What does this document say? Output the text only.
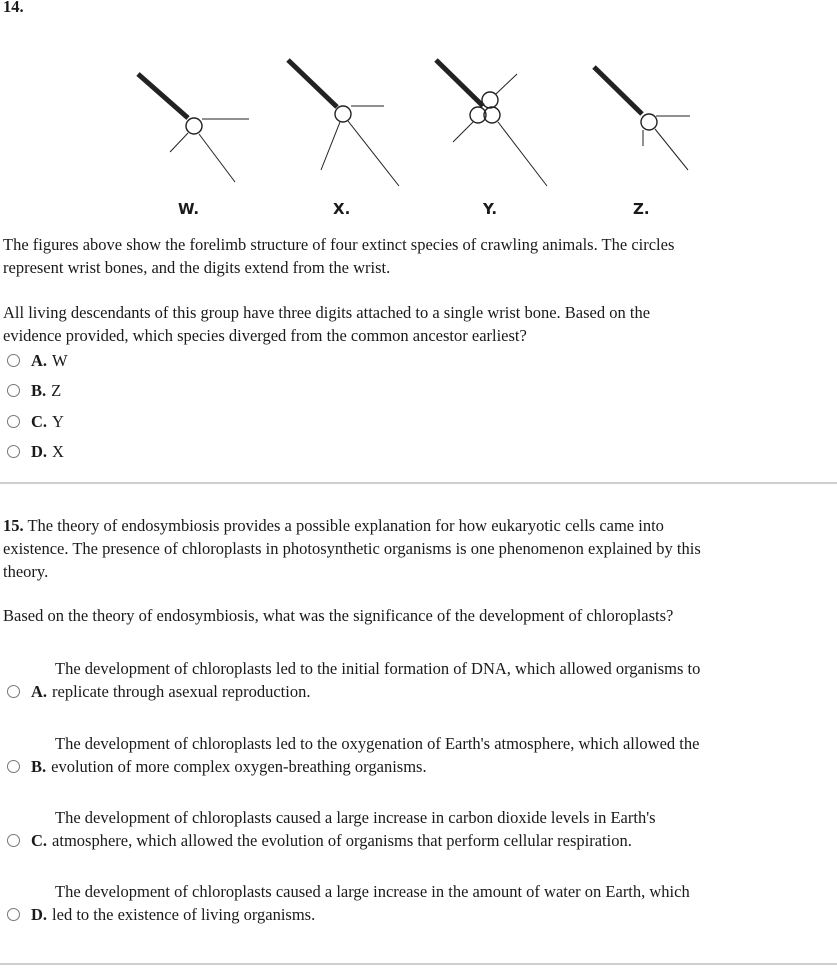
14.
W.	X.	Y.	Z.
The figures above show the forelimb structure of four extinct species of crawling animals. The circles
represent wrist bones, and the digits extend from the wrist.
All living descendants of this group have three digits attached to a single wrist bone. Based on the
evidence provided, which species diverged from the common ancestor earliest?
A. W
B. Z
C. Y
D. X
15. The theory of endosymbiosis provides a possible explanation for how eukaryotic cells came into
existence. The presence of chloroplasts in photosynthetic organisms is one phenomenon explained by this
theory.
Based on the theory of endosymbiosis, what was the significance of the development of chloroplasts?
The development of chloroplasts led to the initial formation of DNA, which allowed organisms to
A. replicate through asexual reproduction.
The development of chloroplasts led to the oxygenation of Earth's atmosphere, which allowed the
B. evolution of more complex oxygen-breathing organisms.
The development of chloroplasts caused a large increase in carbon dioxide levels in Earth's
C. atmosphere, which allowed the evolution of organisms that perform cellular respiration.
The development of chloroplasts caused a large increase in the amount of water on Earth, which
D. led to the existence of living organisms.
